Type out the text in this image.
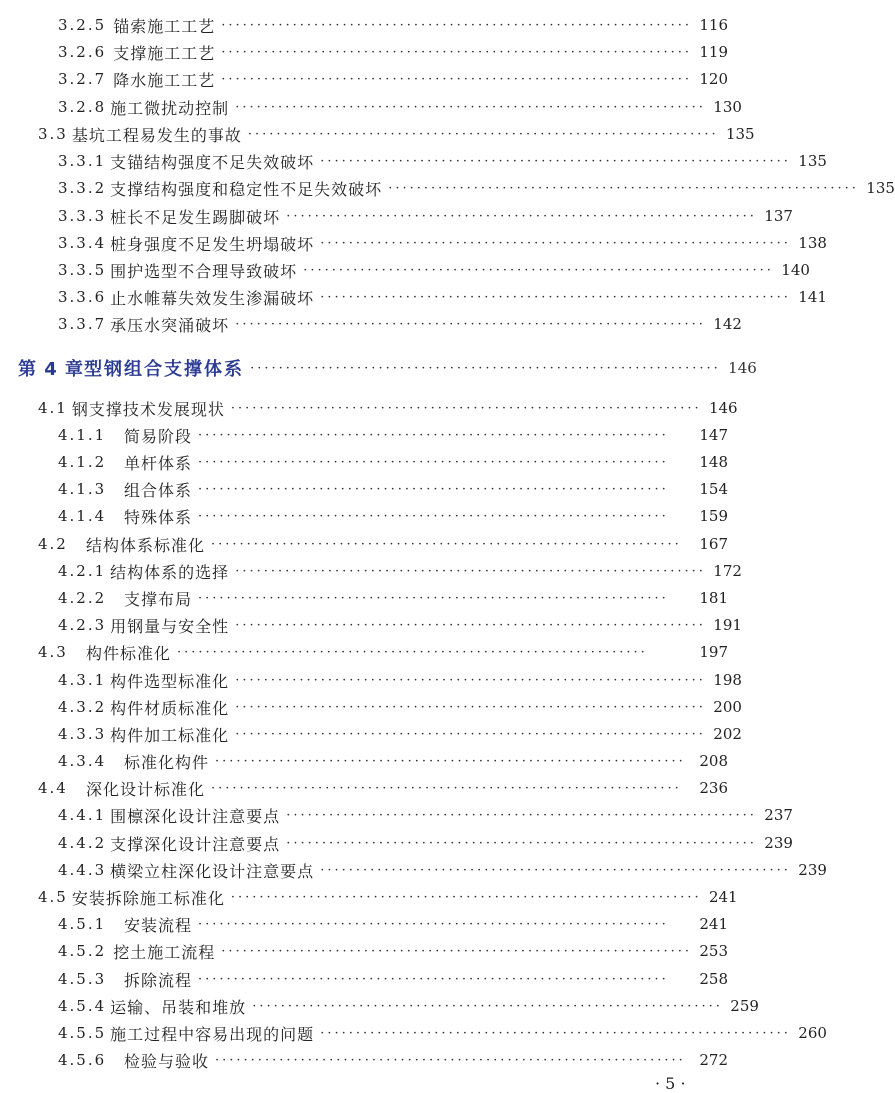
3.2.5 锚索施工工艺 ·································································· 116
3.2.6 支撑施工工艺 ·································································· 119
3.2.7 降水施工工艺 ·································································· 120
3.2.8 施工微扰动控制 ·································································· 130
3.3 基坑工程易发生的事故 ·································································· 135
3.3.1 支锚结构强度不足失效破坏 ·································································· 135
3.3.2 支撑结构强度和稳定性不足失效破坏 ·································································· 135
3.3.3 桩长不足发生踢脚破坏 ·································································· 137
3.3.4 桩身强度不足发生坍塌破坏 ·································································· 138
3.3.5 围护选型不合理导致破坏 ·································································· 140
3.3.6 止水帷幕失效发生渗漏破坏 ·································································· 141
3.3.7 承压水突涌破坏 ·································································· 142
第 4 章 型钢组合支撑体系 ·································································· 146
4.1 钢支撑技术发展现状 ·································································· 146
4.1.1	简易阶段 ··································································	147
4.1.2	单杆体系 ··································································	148
4.1.3	组合体系 ··································································	154
4.1.4	特殊体系 ··································································	159
4.2	结构体系标准化 ··································································	167
4.2.1 结构体系的选择 ·································································· 172
4.2.2	支撑布局 ··································································	181
4.2.3 用钢量与安全性 ·································································· 191
4.3	构件标准化 ··································································	197
4.3.1 构件选型标准化 ·································································· 198
4.3.2 构件材质标准化 ·································································· 200
4.3.3 构件加工标准化 ·································································· 202
4.3.4	标准化构件 ·································································· 208
4.4	深化设计标准化 ··································································	236
4.4.1 围檩深化设计注意要点 ·································································· 237
4.4.2 支撑深化设计注意要点 ·································································· 239
4.4.3 横梁立柱深化设计注意要点 ·································································· 239
4.5 安装拆除施工标准化 ·································································· 241
4.5.1	安装流程 ··································································	241
4.5.2 挖土施工流程 ·································································· 253
4.5.3	拆除流程 ··································································	258
4.5.4 运输、吊装和堆放 ·································································· 259
4.5.5 施工过程中容易出现的问题 ·································································· 260
4.5.6	检验与验收 ·································································· 272
· 5 ·
